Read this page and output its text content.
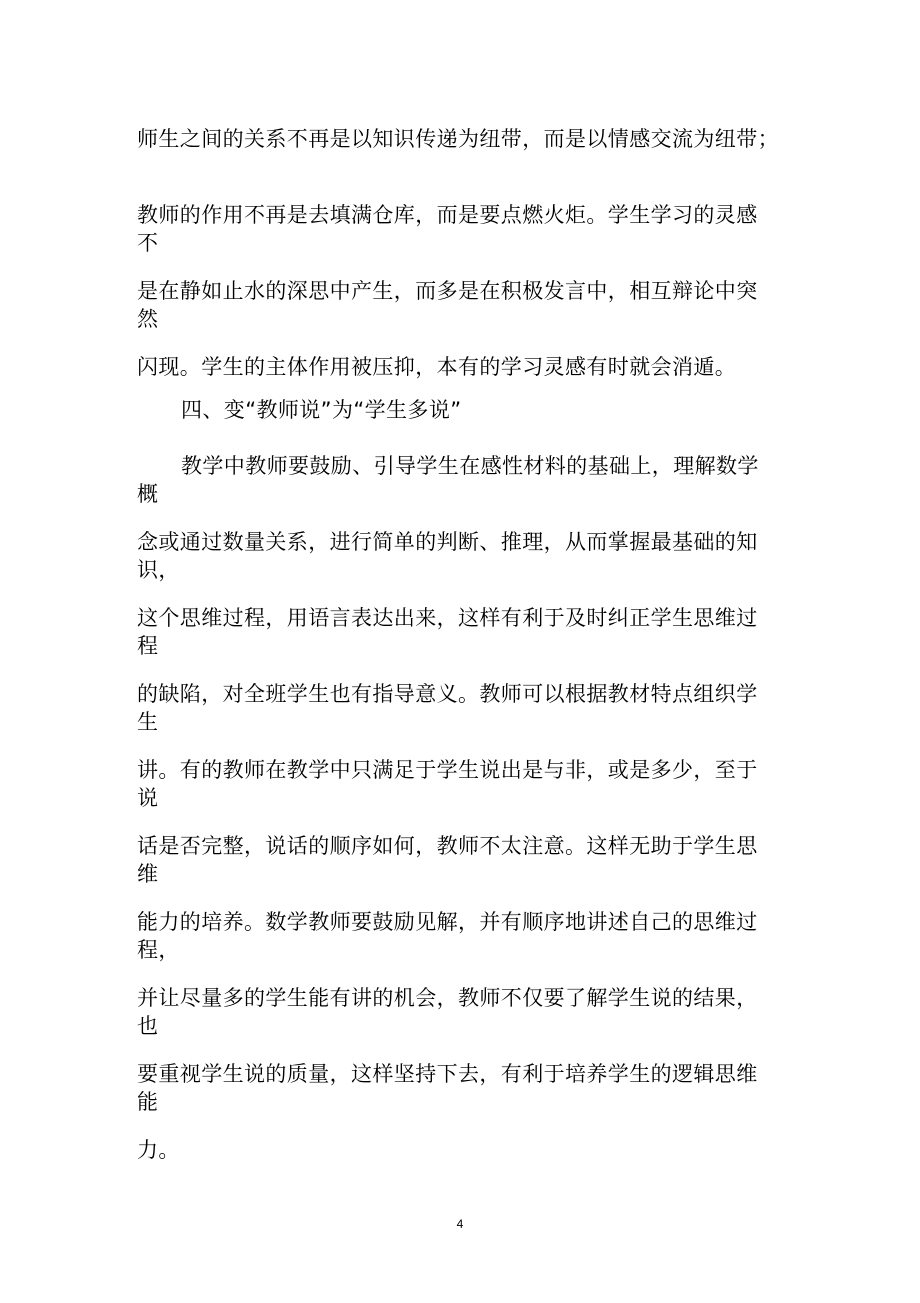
师生之间的关系不再是以知识传递为纽带，而是以情感交流为纽带；
教师的作用不再是去填满仓库，而是要点燃火炬。学生学习的灵感
不
是在静如止水的深思中产生，而多是在积极发言中，相互辩论中突
然
闪现。学生的主体作用被压抑，本有的学习灵感有时就会消遁。
四、变“教师说”为“学生多说”
教学中教师要鼓励、引导学生在感性材料的基础上，理解数学
概
念或通过数量关系，进行简单的判断、推理，从而掌握最基础的知
识，
这个思维过程，用语言表达出来，这样有利于及时纠正学生思维过
程
的缺陷，对全班学生也有指导意义。教师可以根据教材特点组织学
生
讲。有的教师在教学中只满足于学生说出是与非，或是多少，至于
说
话是否完整，说话的顺序如何，教师不太注意。这样无助于学生思
维
能力的培养。数学教师要鼓励见解，并有顺序地讲述自己的思维过
程，
并让尽量多的学生能有讲的机会，教师不仅要了解学生说的结果，
也
要重视学生说的质量，这样坚持下去，有利于培养学生的逻辑思维
能
力。
4
